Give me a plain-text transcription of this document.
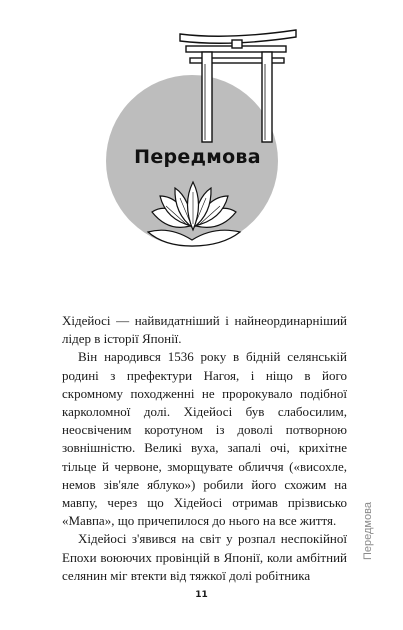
Передмова

Хідейосі — найвидатніший і найнеординарніший лідер в історії Японії.

Він народився 1536 року в бідній селянській родині з префектури Нагоя, і ніщо в його скромному походженні не пророкувало подібної карколомної долі. Хідейосі був слабосилим, неосвіченим коротуном із доволі потворною зовнішністю. Великі вуха, запалі очі, крихітне тільце й червоне, зморщувате обличчя («висохле, немов зів'яле яблуко») робили його схожим на мавпу, через що Хідейосі отримав прізвисько «Мавпа», що причепилося до нього на все життя.

Хідейосі з'явився на світ у розпал неспокійної Епохи воюючих провінцій в Японії, коли амбітний селянин міг втекти від тяжкої долі робітника

11
Передмова
